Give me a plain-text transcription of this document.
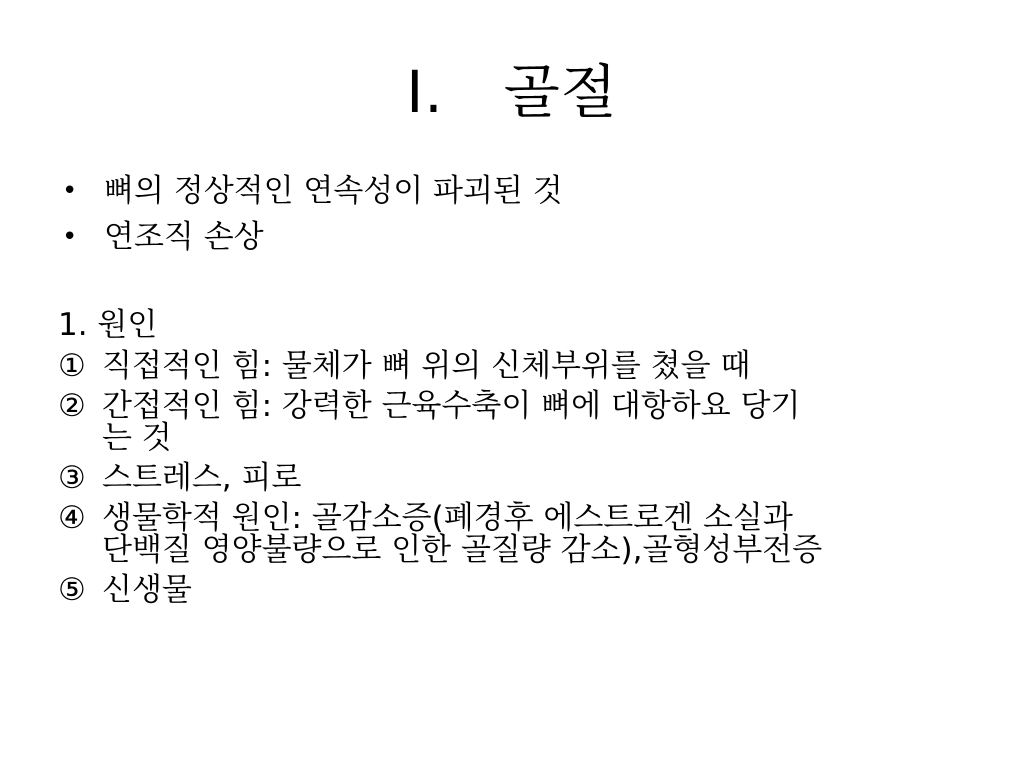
I. 골절
• 뼈의 정상적인 연속성이 파괴된 것
• 연조직 손상
1. 원인
① 직접적인 힘: 물체가 뼈 위의 신체부위를 쳤을 때
② 간접적인 힘: 강력한 근육수축이 뼈에 대항하요 당기
는 것
③ 스트레스, 피로
④ 생물학적 원인: 골감소증(폐경후 에스트로겐 소실과
단백질 영양불량으로 인한 골질량 감소),골형성부전증
⑤ 신생물
